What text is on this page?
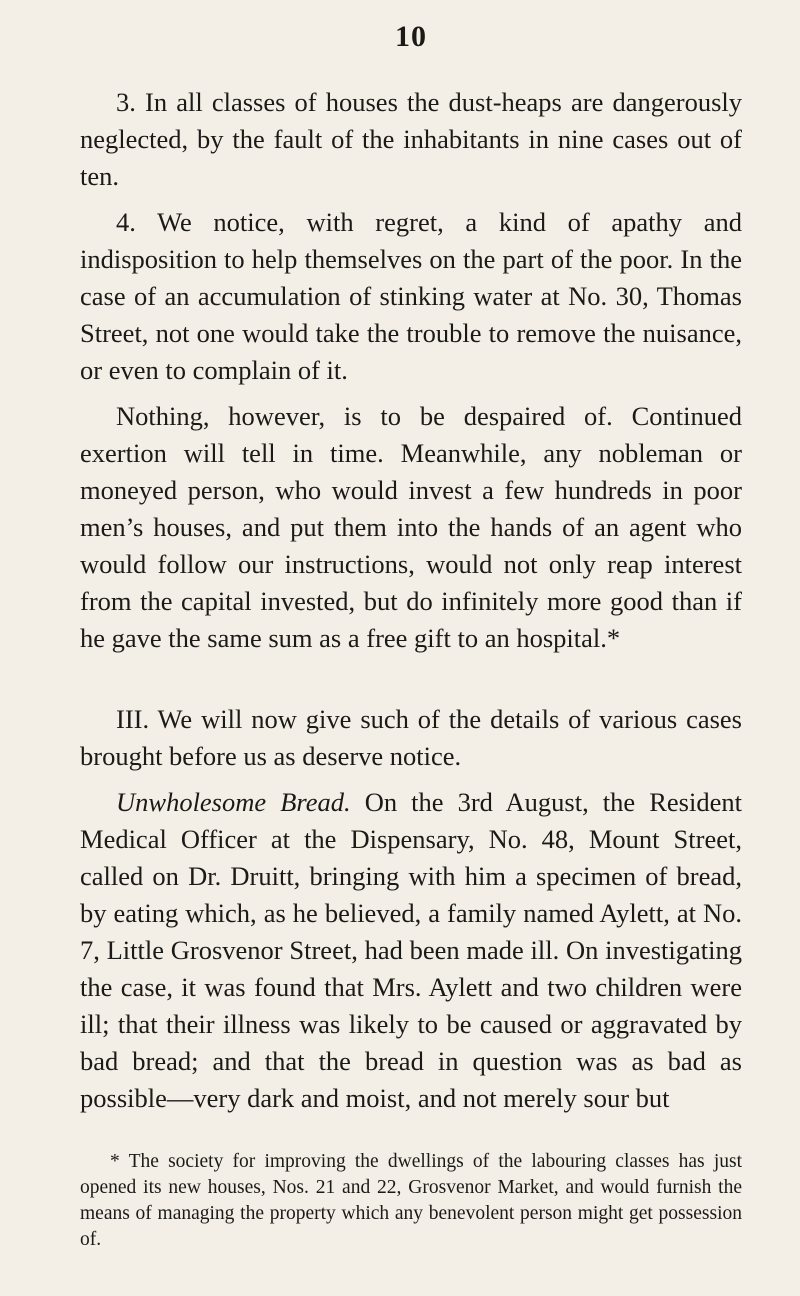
10

3. In all classes of houses the dust-heaps are dangerously neglected, by the fault of the inhabitants in nine cases out of ten.

4. We notice, with regret, a kind of apathy and indisposition to help themselves on the part of the poor. In the case of an accumulation of stinking water at No. 30, Thomas Street, not one would take the trouble to remove the nuisance, or even to complain of it.

Nothing, however, is to be despaired of. Continued exertion will tell in time. Meanwhile, any nobleman or moneyed person, who would invest a few hundreds in poor men’s houses, and put them into the hands of an agent who would follow our instructions, would not only reap interest from the capital invested, but do infinitely more good than if he gave the same sum as a free gift to an hospital.*

III. We will now give such of the details of various cases brought before us as deserve notice.

Unwholesome Bread. On the 3rd August, the Resident Medical Officer at the Dispensary, No. 48, Mount Street, called on Dr. Druitt, bringing with him a specimen of bread, by eating which, as he believed, a family named Aylett, at No. 7, Little Grosvenor Street, had been made ill. On investigating the case, it was found that Mrs. Aylett and two children were ill; that their illness was likely to be caused or aggravated by bad bread; and that the bread in question was as bad as possible—very dark and moist, and not merely sour but

* The society for improving the dwellings of the labouring classes has just opened its new houses, Nos. 21 and 22, Grosvenor Market, and would furnish the means of managing the property which any benevolent person might get possession of.
